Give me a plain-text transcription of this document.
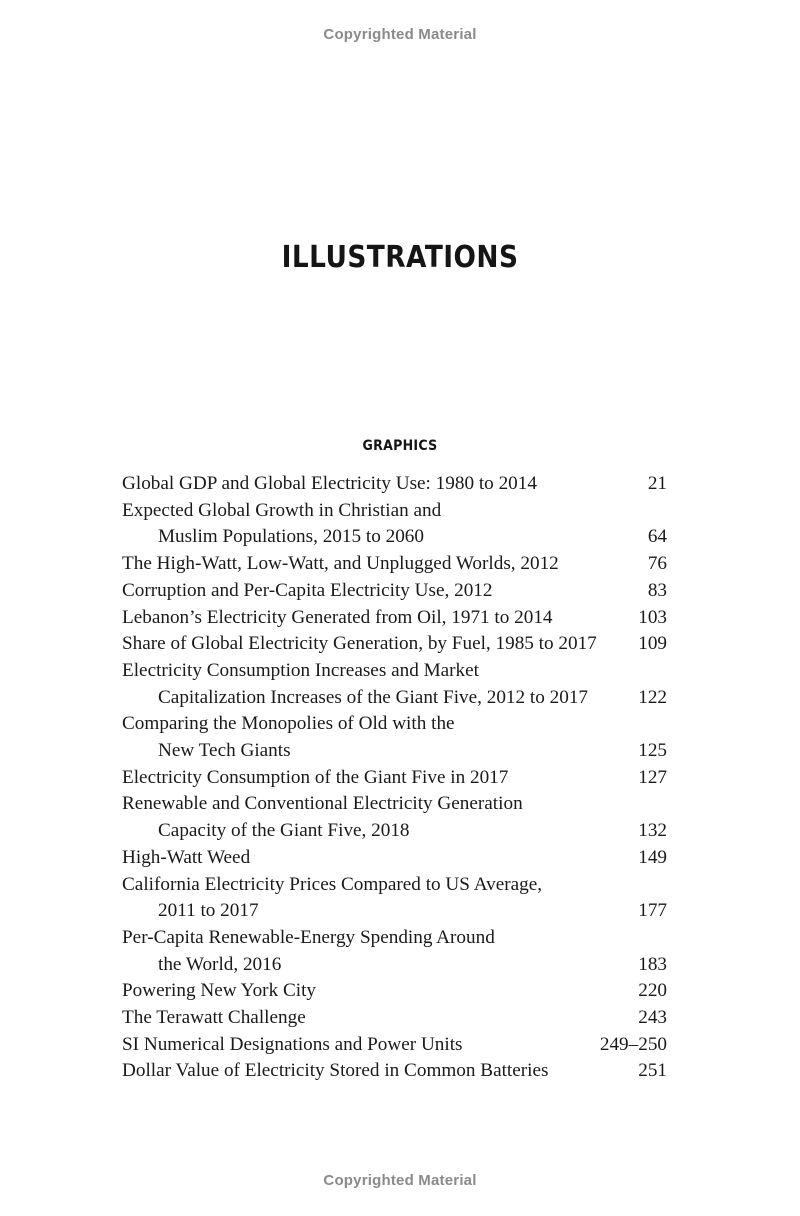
Copyrighted Material
ILLUSTRATIONS
GRAPHICS
Global GDP and Global Electricity Use: 1980 to 2014	21
Expected Global Growth in Christian and
Muslim Populations, 2015 to 2060	64
The High-Watt, Low-Watt, and Unplugged Worlds, 2012	76
Corruption and Per-Capita Electricity Use, 2012	83
Lebanon’s Electricity Generated from Oil, 1971 to 2014	103
Share of Global Electricity Generation, by Fuel, 1985 to 2017	109
Electricity Consumption Increases and Market
Capitalization Increases of the Giant Five, 2012 to 2017	122
Comparing the Monopolies of Old with the
New Tech Giants	125
Electricity Consumption of the Giant Five in 2017	127
Renewable and Conventional Electricity Generation
Capacity of the Giant Five, 2018	132
High-Watt Weed	149
California Electricity Prices Compared to US Average,
2011 to 2017	177
Per-Capita Renewable-Energy Spending Around
the World, 2016	183
Powering New York City	220
The Terawatt Challenge	243
SI Numerical Designations and Power Units	249–250
Dollar Value of Electricity Stored in Common Batteries	251
Copyrighted Material
